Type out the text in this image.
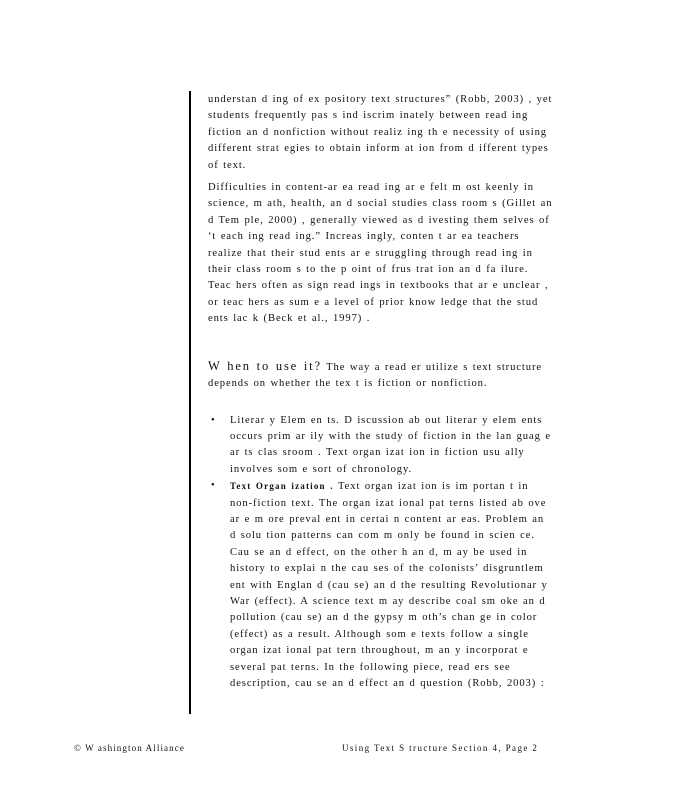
understan d ing of ex pository text structures” (Robb, 2003) , yet students frequently pas s ind iscrim inately between read ing fiction an d nonfiction without realiz ing th e necessity of using different strat egies to obtain inform at ion from d ifferent types of text.

Difficulties in content-ar ea read ing ar e felt m ost keenly in science, m ath, health, an d social studies class room s (Gillet an d Tem ple, 2000) , generally viewed as d ivesting them selves of ‘t each ing read ing.” Increas ingly, conten t ar ea teachers realize that their stud ents ar e struggling through read ing in their class room s to the p oint of frus trat ion an d fa ilure. Teac hers often as sign read ings in textbooks that ar e unclear , or teac hers as sum e a level of prior know ledge that the stud ents lac k (Beck et al., 1997) .

W hen to use it? The way a read er utilize s text structure depends on whether the tex t is fiction or nonfiction.

• Literar y Elem en ts. D iscussion ab out literar y elem ents occurs prim ar ily with the study of fiction in the lan guag e ar ts clas sroom . Text organ izat ion in fiction usu ally involves som e sort of chronology.
• Text Organ ization . Text organ izat ion is im portan t in non-fiction text. The organ izat ional pat terns listed ab ove ar e m ore preval ent in certai n content ar eas. Problem an d solu tion patterns can com m only be found in scien ce. Cau se an d effect, on the other h an d, m ay be used in history to explai n the cau ses of the colonists’ disgruntlem ent with Englan d (cau se) an d the resulting Revolutionar y War (effect). A science text m ay describe coal sm oke an d pollution (cau se) an d the gypsy m oth’s chan ge in color (effect) as a result. Although som e texts follow a single organ izat ional pat tern throughout, m an y incorporat e several pat terns. In the following piece, read ers see description, cau se an d effect an d question (Robb, 2003) :
© W ashington Alliance	Using Text S tructure Section 4, Page 2
